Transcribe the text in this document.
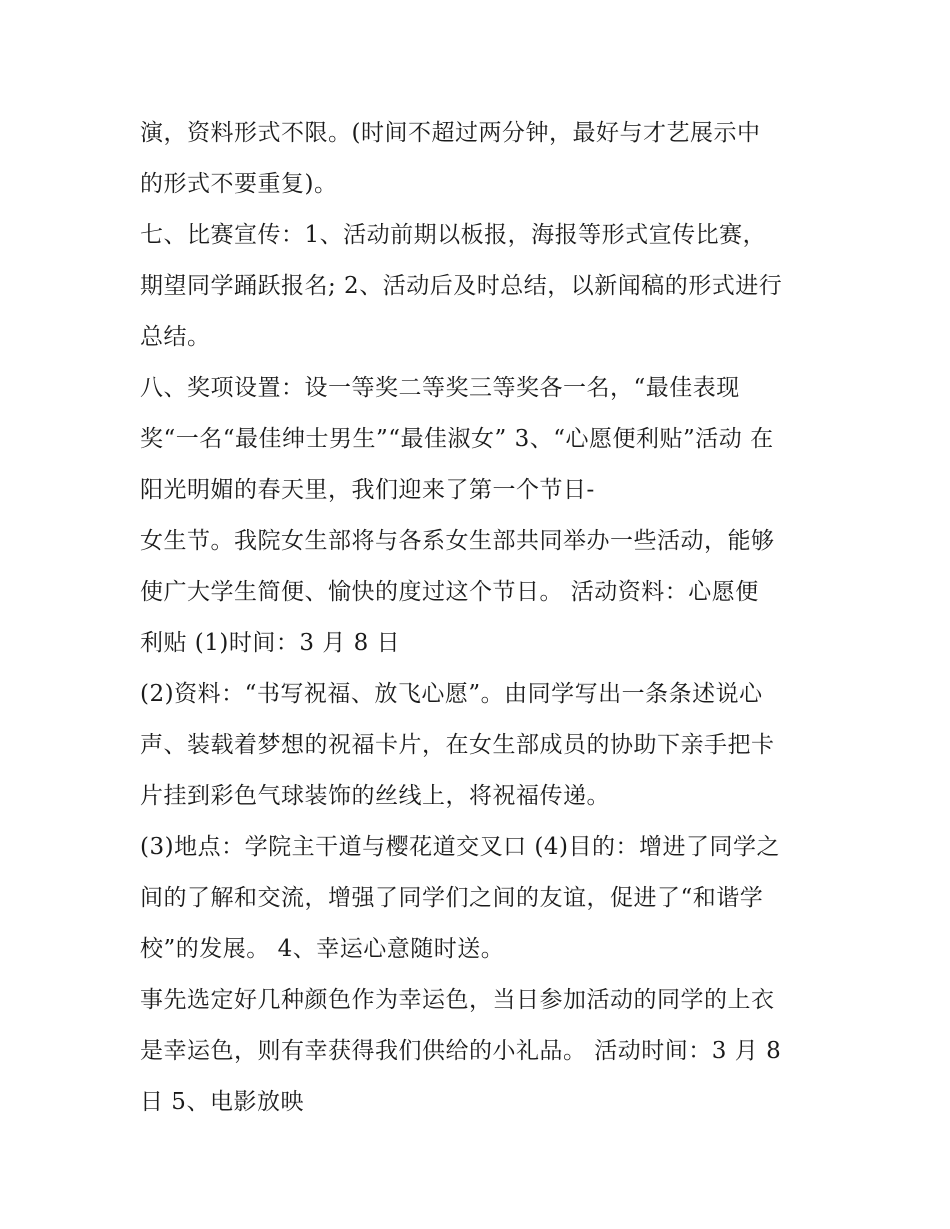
演，资料形式不限。(时间不超过两分钟，最好与才艺展示中
的形式不要重复)。
七、比赛宣传：1、活动前期以板报，海报等形式宣传比赛，
期望同学踊跃报名; 2、活动后及时总结，以新闻稿的形式进行
总结。
八、奖项设置：设一等奖二等奖三等奖各一名，“最佳表现
奖“一名“最佳绅士男生”“最佳淑女” 3、“心愿便利贴”活动 在
阳光明媚的春天里，我们迎来了第一个节日-
女生节。我院女生部将与各系女生部共同举办一些活动，能够
使广大学生简便、愉快的度过这个节日。 活动资料：心愿便
利贴 (1)时间：3 月 8 日
(2)资料：“书写祝福、放飞心愿”。由同学写出一条条述说心
声、装载着梦想的祝福卡片，在女生部成员的协助下亲手把卡
片挂到彩色气球装饰的丝线上，将祝福传递。
(3)地点：学院主干道与樱花道交叉口 (4)目的：增进了同学之
间的了解和交流，增强了同学们之间的友谊，促进了“和谐学
校”的发展。 4、幸运心意随时送。
事先选定好几种颜色作为幸运色，当日参加活动的同学的上衣
是幸运色，则有幸获得我们供给的小礼品。 活动时间：3 月 8
日 5、电影放映
